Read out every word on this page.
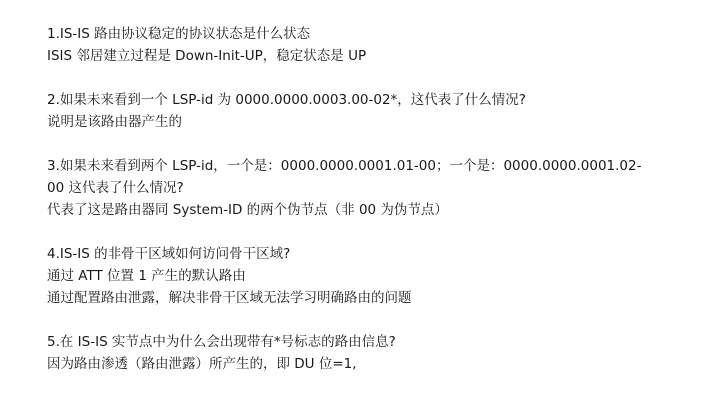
1.IS-IS 路由协议稳定的协议状态是什么状态
ISIS 邻居建立过程是 Down-Init-UP，稳定状态是 UP
2.如果未来看到一个 LSP-id 为 0000.0000.0003.00-02*，这代表了什么情况?
说明是该路由器产生的
3.如果未来看到两个 LSP-id，一个是：0000.0000.0001.01-00；一个是：0000.0000.0001.02-
00 这代表了什么情况?
代表了这是路由器同 System-ID 的两个伪节点（非 00 为伪节点）
4.IS-IS 的非骨干区域如何访问骨干区域?
通过 ATT 位置 1 产生的默认路由
通过配置路由泄露，解决非骨干区域无法学习明确路由的问题
5.在 IS-IS 实节点中为什么会出现带有*号标志的路由信息?
因为路由渗透（路由泄露）所产生的，即 DU 位=1,
